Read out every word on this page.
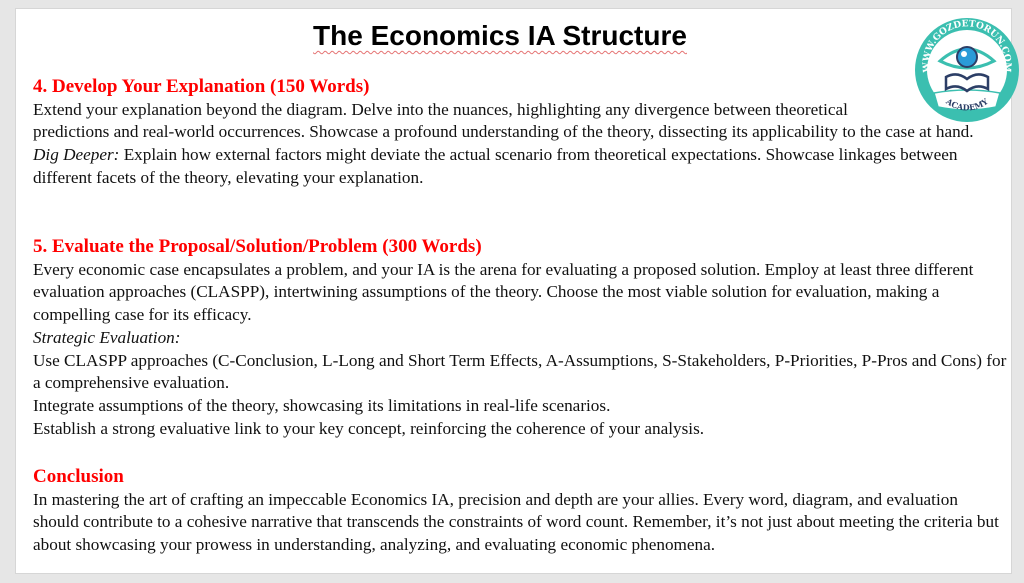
The Economics IA Structure
4. Develop Your Explanation (150 Words)
Extend your explanation beyond the diagram. Delve into the nuances, highlighting any divergence between theoretical predictions and real-world occurrences. Showcase a profound understanding of the theory, dissecting its applicability to the case at hand.
Dig Deeper: Explain how external factors might deviate the actual scenario from theoretical expectations. Showcase linkages between different facets of the theory, elevating your explanation.
5. Evaluate the Proposal/Solution/Problem (300 Words)
Every economic case encapsulates a problem, and your IA is the arena for evaluating a proposed solution. Employ at least three different evaluation approaches (CLASPP), intertwining assumptions of the theory. Choose the most viable solution for evaluation, making a compelling case for its efficacy.
Strategic Evaluation:
Use CLASPP approaches (C-Conclusion, L-Long and Short Term Effects, A-Assumptions, S-Stakeholders, P-Priorities, P-Pros and Cons) for a comprehensive evaluation.
Integrate assumptions of the theory, showcasing its limitations in real-life scenarios.
Establish a strong evaluative link to your key concept, reinforcing the coherence of your analysis.
Conclusion
In mastering the art of crafting an impeccable Economics IA, precision and depth are your allies. Every word, diagram, and evaluation should contribute to a cohesive narrative that transcends the constraints of word count. Remember, it’s not just about meeting the criteria but about showcasing your prowess in understanding, analyzing, and evaluating economic phenomena.
WWW.GOZDETORUN.COM
ACADEMY
